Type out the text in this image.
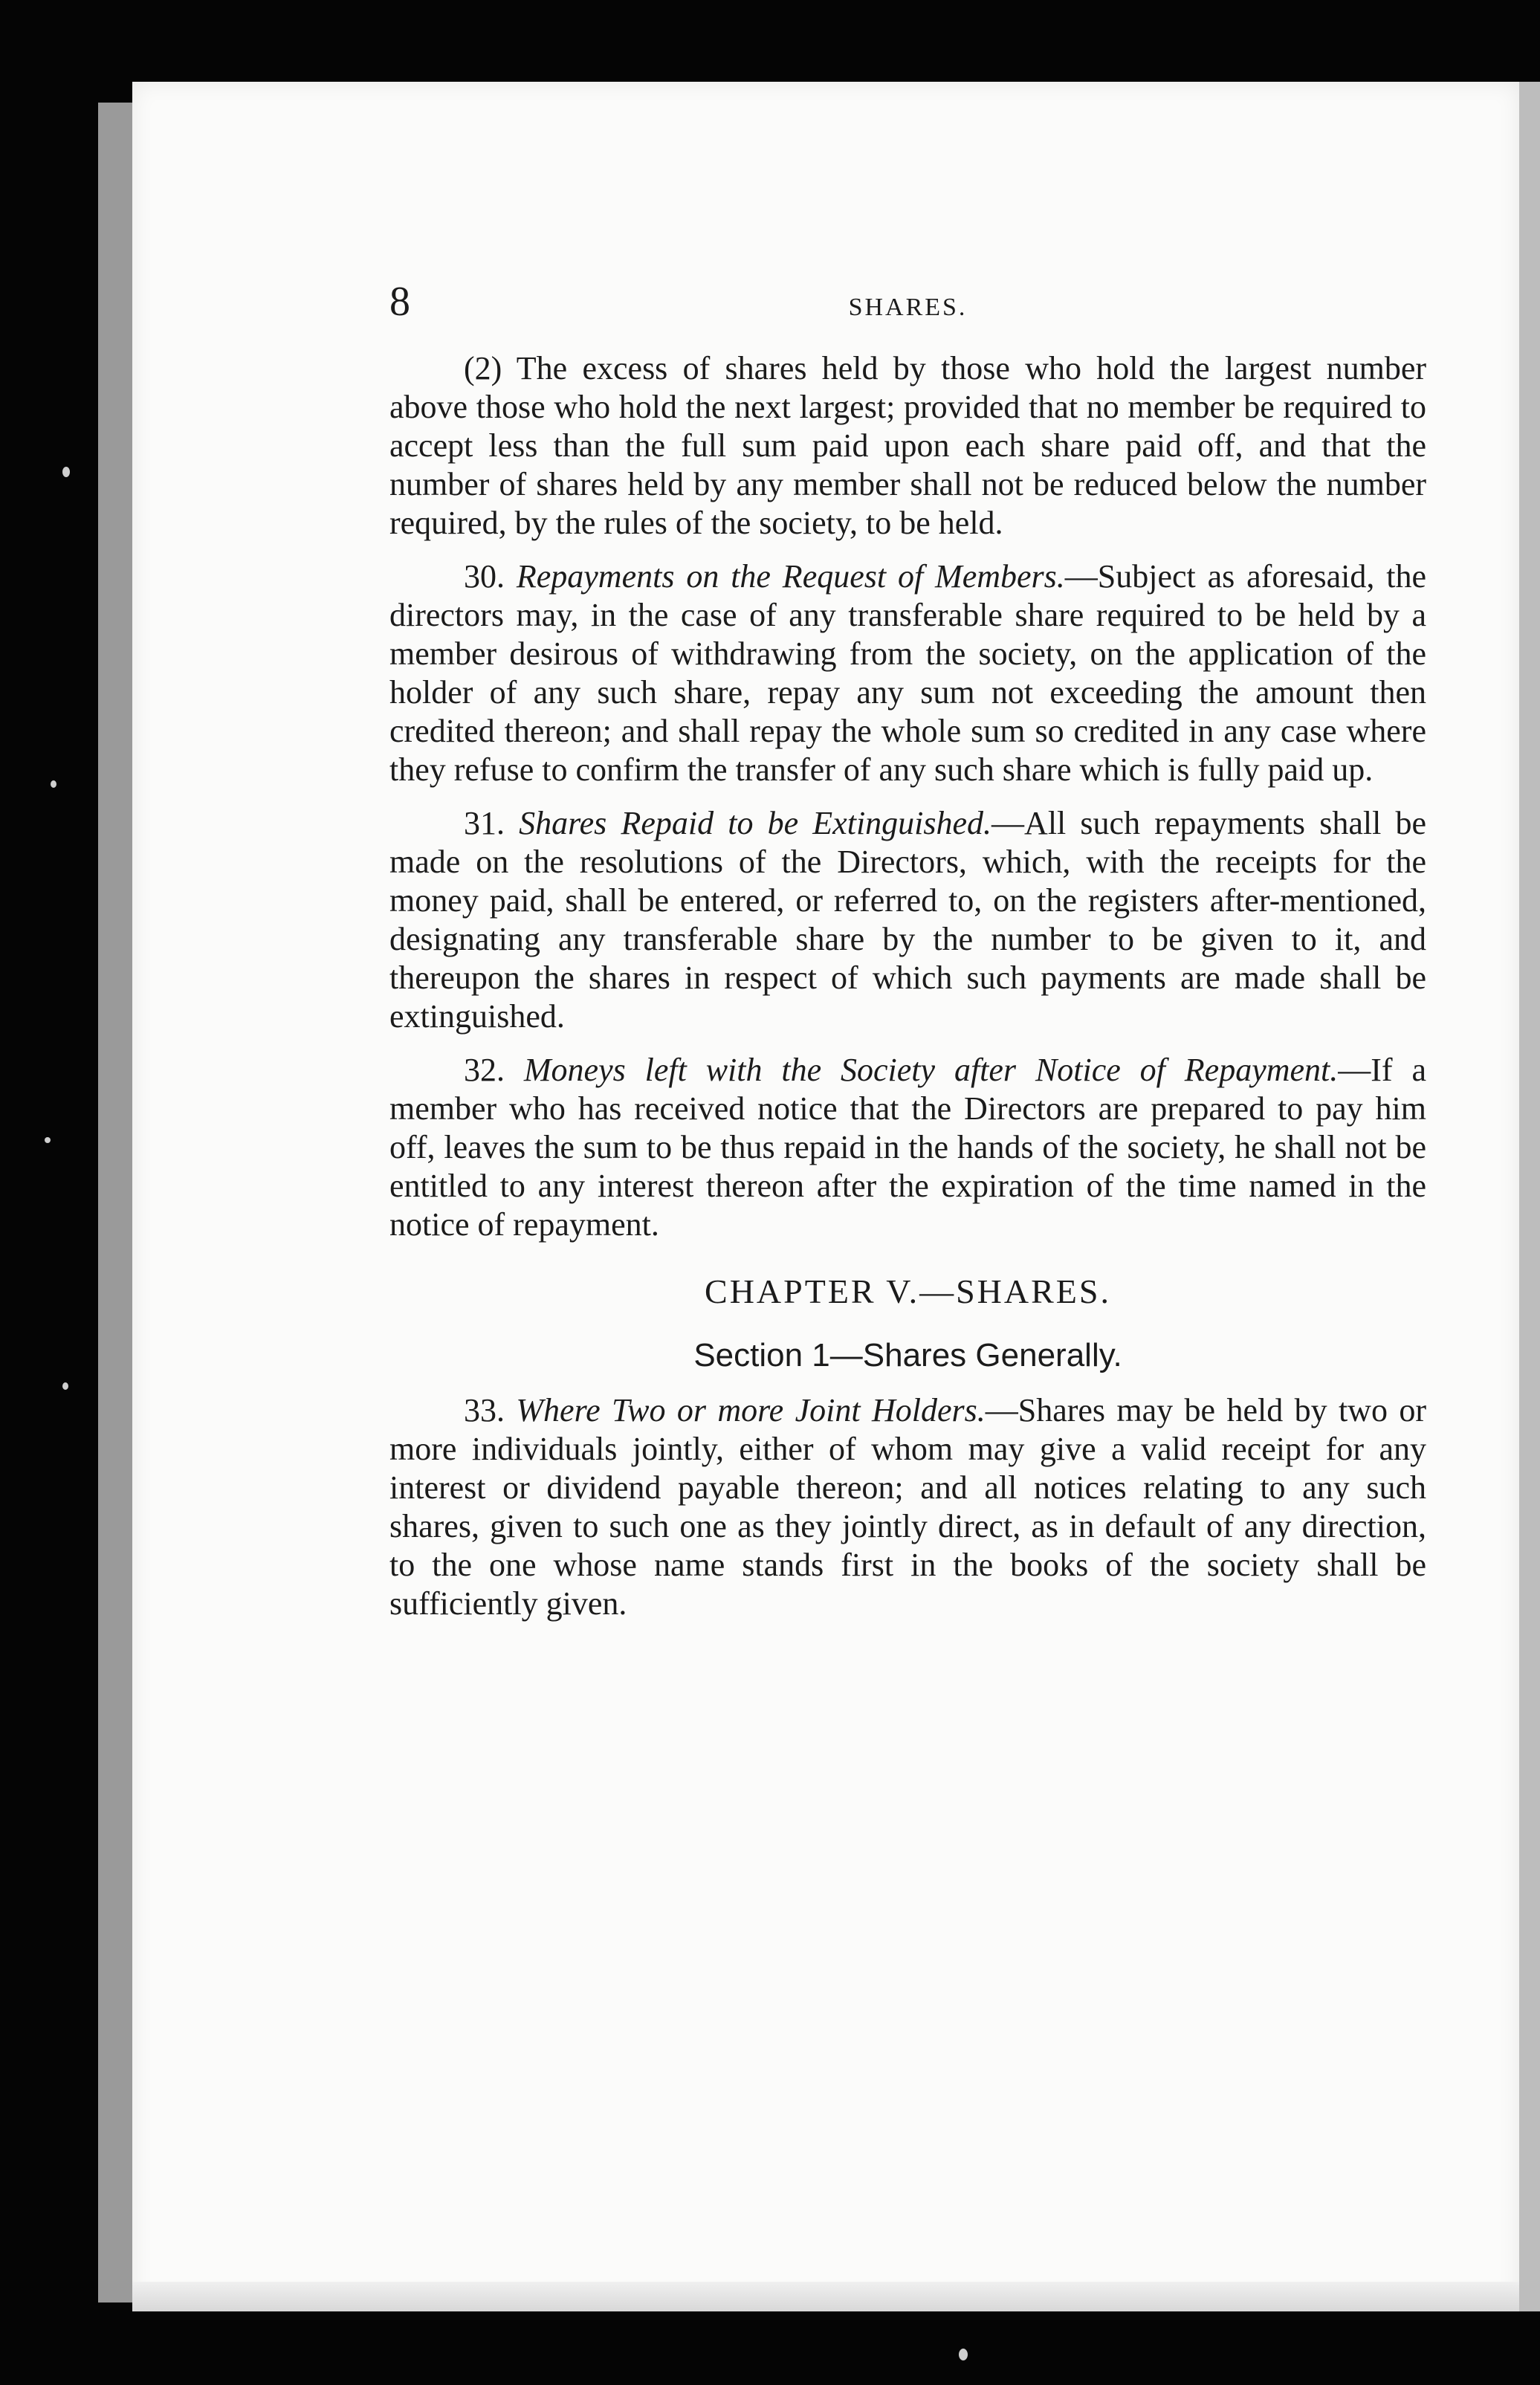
8	SHARES.

(2) The excess of shares held by those who hold the largest number above those who hold the next largest; provided that no member be required to accept less than the full sum paid upon each share paid off, and that the number of shares held by any member shall not be reduced below the number required, by the rules of the society, to be held.

30. Repayments on the Request of Members.—Subject as aforesaid, the directors may, in the case of any transferable share required to be held by a member desirous of withdrawing from the society, on the application of the holder of any such share, repay any sum not exceeding the amount then credited thereon; and shall repay the whole sum so credited in any case where they refuse to confirm the transfer of any such share which is fully paid up.

31. Shares Repaid to be Extinguished.—All such repayments shall be made on the resolutions of the Directors, which, with the receipts for the money paid, shall be entered, or referred to, on the registers after-mentioned, designating any transferable share by the number to be given to it, and thereupon the shares in respect of which such payments are made shall be extinguished.

32. Moneys left with the Society after Notice of Repayment.—If a member who has received notice that the Directors are prepared to pay him off, leaves the sum to be thus repaid in the hands of the society, he shall not be entitled to any interest thereon after the expiration of the time named in the notice of repayment.

CHAPTER V.—SHARES.
Section 1—Shares Generally.

33. Where Two or more Joint Holders.—Shares may be held by two or more individuals jointly, either of whom may give a valid receipt for any interest or dividend payable thereon; and all notices relating to any such shares, given to such one as they jointly direct, as in default of any direction, to the one whose name stands first in the books of the society shall be sufficiently given.
